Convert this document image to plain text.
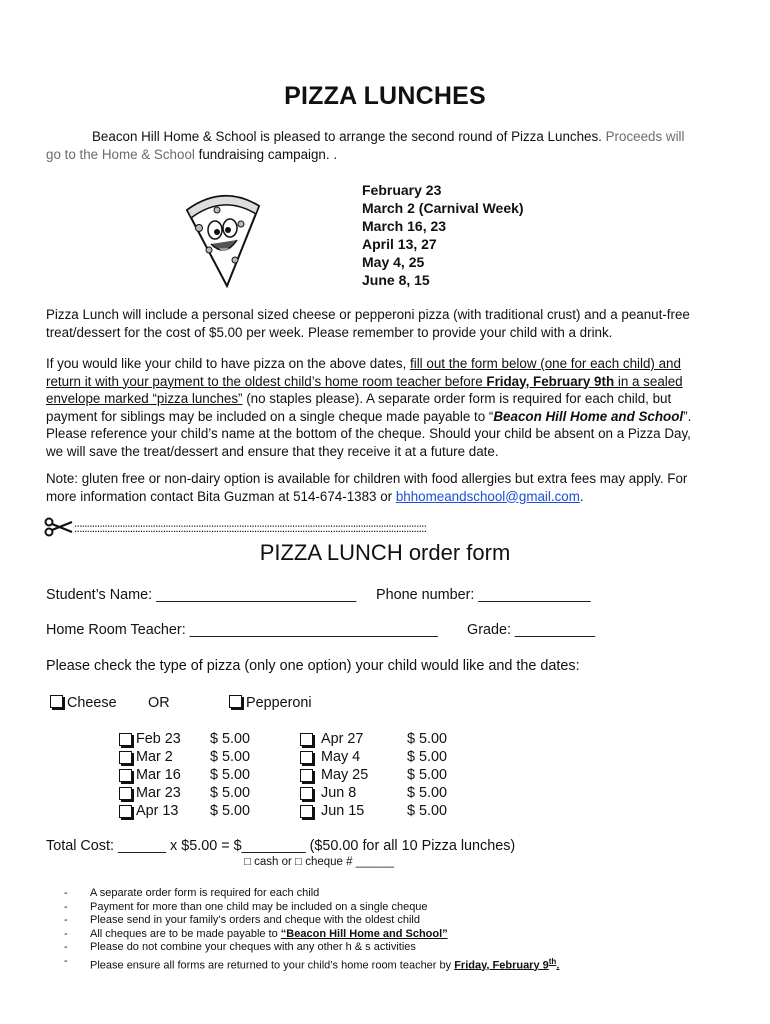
PIZZA LUNCHES
Beacon Hill Home & School is pleased to arrange the second round of Pizza Lunches. Proceeds will
go to the Home & School fundraising campaign. .
February 23
March 2 (Carnival Week)
March 16, 23
April 13, 27
May 4, 25
June 8, 15
Pizza Lunch will include a personal sized cheese or pepperoni pizza (with traditional crust) and a peanut-free
treat/dessert for the cost of $5.00 per week. Please remember to provide your child with a drink.
If you would like your child to have pizza on the above dates, fill out the form below (one for each child) and
return it with your payment to the oldest child’s home room teacher before Friday, February 9th in a sealed
envelope marked “pizza lunches” (no staples please). A separate order form is required for each child, but
payment for siblings may be included on a single cheque made payable to “Beacon Hill Home and School”.
Please reference your child’s name at the bottom of the cheque. Should your child be absent on a Pizza Day,
we will save the treat/dessert and ensure that they receive it at a future date.
Note: gluten free or non-dairy option is available for children with food allergies but extra fees may apply. For
more information contact Bita Guzman at 514-674-1383 or bhhomeandschool@gmail.com.
:::::::::::::::::::::::::::::::::::::::::::::::::::::::::::::::::::::::::::::::::::::::::::::::::::::::::::::::::::::::::::::::::::::::::::
PIZZA LUNCH order form
Student’s Name: _________________________ Phone number: ______________
Home Room Teacher: _______________________________ Grade: __________
Please check the type of pizza (only one option) your child would like and the dates:
Cheese OR	Pepperoni
Feb 23	$ 5.00
Mar 2	$ 5.00
Mar 16	$ 5.00
Mar 23	$ 5.00
Apr 13	$ 5.00
Apr 27	$ 5.00
May 4	$ 5.00
May 25	$ 5.00
Jun 8	$ 5.00
Jun 15	$ 5.00
Total Cost: ______ x $5.00 = $________ ($50.00 for all 10 Pizza lunches)
□ cash or □ cheque # ______
-	A separate order form is required for each child
-	Payment for more than one child may be included on a single cheque
-	Please send in your family’s orders and cheque with the oldest child
-	All cheques are to be made payable to “Beacon Hill Home and School”
-	Please do not combine your cheques with any other h & s activities
-	Please ensure all forms are returned to your child’s home room teacher by Friday, February 9th.
